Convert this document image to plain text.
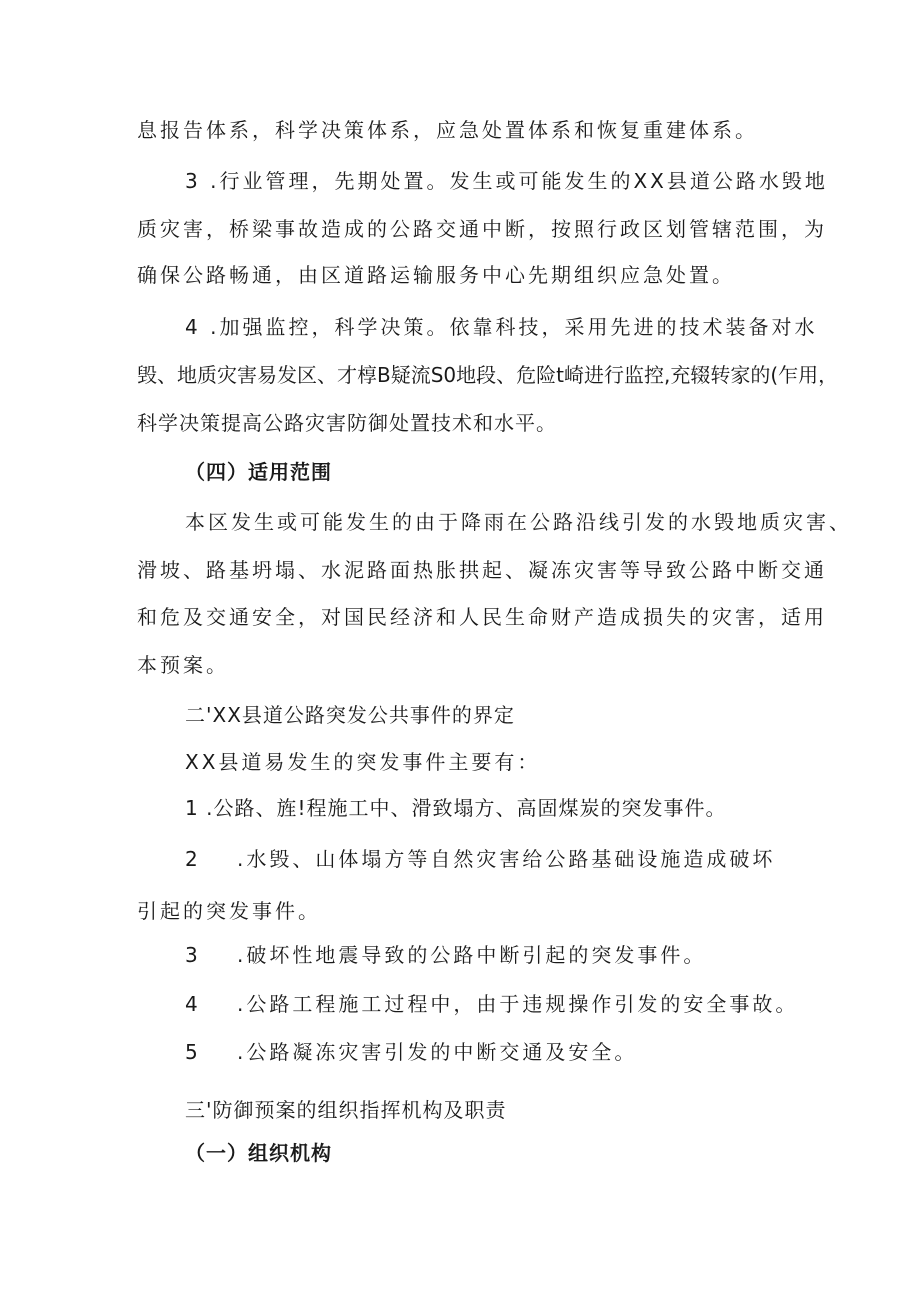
息报告体系，科学决策体系，应急处置体系和恢复重建体系。
3 .行业管理，先期处置。发生或可能发生的XX县道公路水毁地
质灾害，桥梁事故造成的公路交通中断，按照行政区划管辖范围，为
确保公路畅通，由区道路运输服务中心先期组织应急处置。
4 .加强监控，科学决策。依靠科技，采用先进的技术装备对水
毁、地质灾害易发区、才椁B疑流S0地段、危险t崎进行监控,充辍转家的(乍用，
科学决策提高公路灾害防御处置技术和水平。
（四）适用范围
本区发生或可能发生的由于降雨在公路沿线引发的水毁地质灾害、
滑坡、路基坍塌、水泥路面热胀拱起、凝冻灾害等导致公路中断交通
和危及交通安全，对国民经济和人民生命财产造成损失的灾害，适用
本预案。
二'XX县道公路突发公共事件的界定
XX县道易发生的突发事件主要有：
1 .公路、旌!程施工中、滑致塌方、高固煤炭的突发事件。
2 .水毁、山体塌方等自然灾害给公路基础设施造成破坏
引起的突发事件。
3 .破坏性地震导致的公路中断引起的突发事件。
4 .公路工程施工过程中，由于违规操作引发的安全事故。
5 .公路凝冻灾害引发的中断交通及安全。
三'防御预案的组织指挥机构及职责
（一）组织机构
